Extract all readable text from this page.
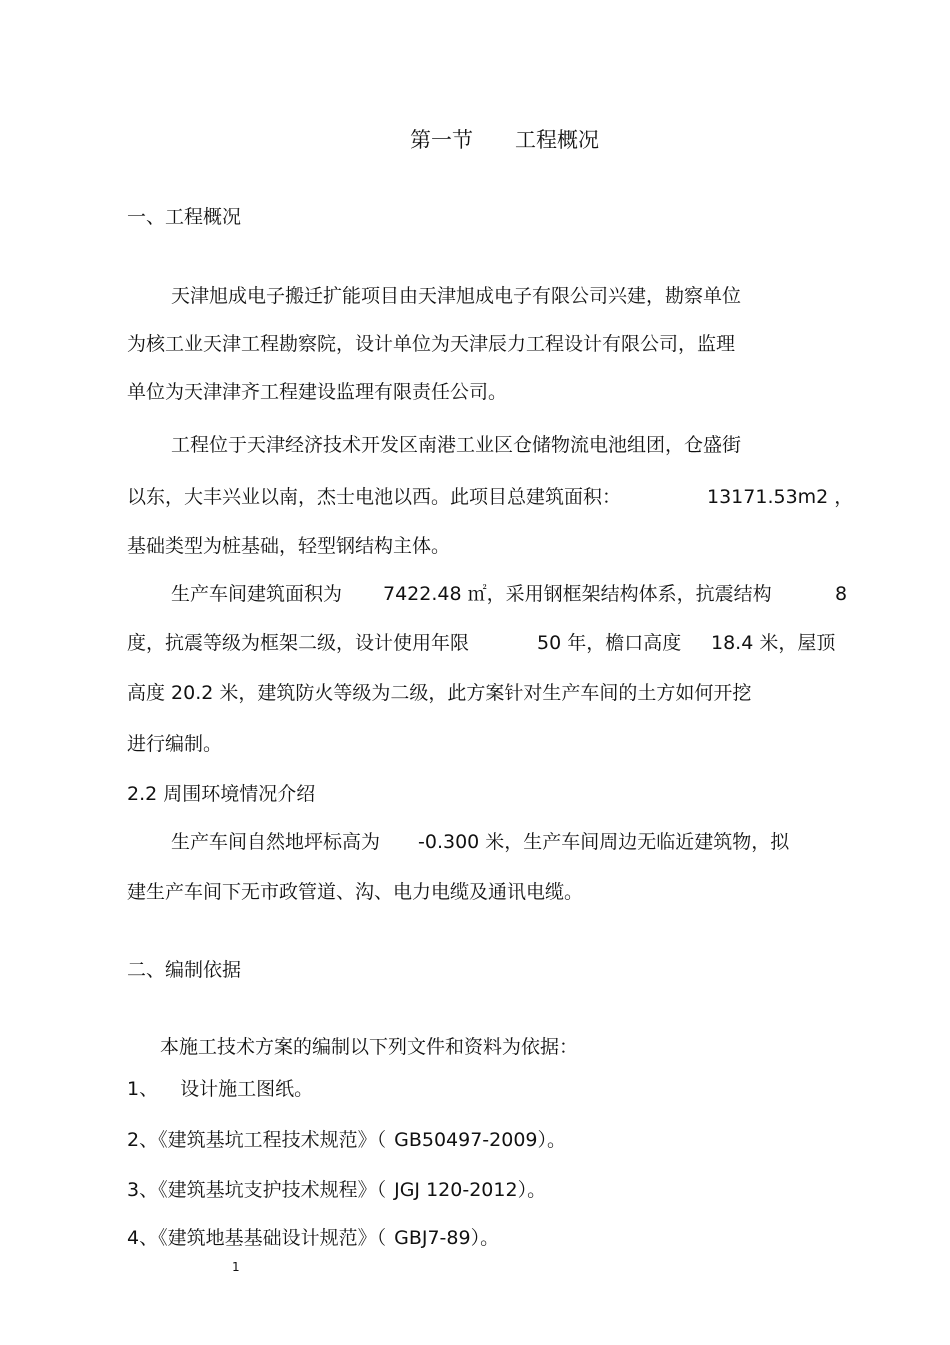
第一节　　工程概况
一、工程概况
天津旭成电子搬迁扩能项目由天津旭成电子有限公司兴建，勘察单位
为核工业天津工程勘察院，设计单位为天津辰力工程设计有限公司，监理
单位为天津津齐工程建设监理有限责任公司。
工程位于天津经济技术开发区南港工业区仓储物流电池组团，仓盛街
以东，大丰兴业以南，杰士电池以西。此项目总建筑面积：	13171.53m2 ，
基础类型为桩基础，轻型钢结构主体。
生产车间建筑面积为 7422.48 ㎡，采用钢框架结构体系，抗震结构	8
度，抗震等级为框架二级，设计使用年限	50 年，檐口高度 18.4 米，屋顶
高度 20.2 米，建筑防火等级为二级，此方案针对生产车间的土方如何开挖
进行编制。
2.2 周围环境情况介绍
生产车间自然地坪标高为 -0.300 米，生产车间周边无临近建筑物，拟
建生产车间下无市政管道、沟、电力电缆及通讯电缆。
二、编制依据
本施工技术方案的编制以下列文件和资料为依据：
1、 设计施工图纸。
2、《建筑基坑工程技术规范》（ GB50497-2009）。
3、《建筑基坑支护技术规程》（ JGJ 120-2012）。
4、《建筑地基基础设计规范》（ GBJ7-89）。
1
